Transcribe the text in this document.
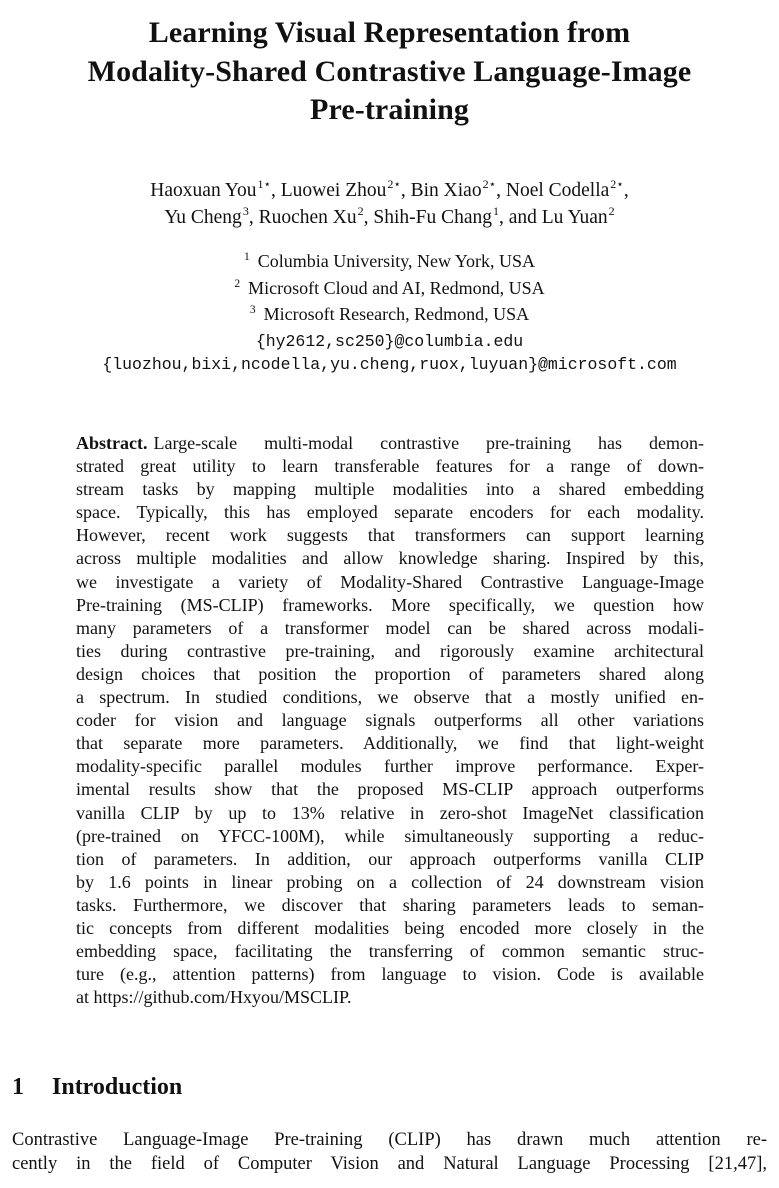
Learning Visual Representation from
Modality-Shared Contrastive Language-Image
Pre-training
Haoxuan You$^{1⋆}$, Luowei Zhou$^{2⋆}$, Bin Xiao$^{2⋆}$, Noel Codella$^{2⋆}$,
Yu Cheng$^3$, Ruochen Xu$^2$, Shih-Fu Chang$^1$, and Lu Yuan$^2$
$^1$ Columbia University, New York, USA
$^2$ Microsoft Cloud and AI, Redmond, USA
$^3$ Microsoft Research, Redmond, USA
{hy2612,sc250}@columbia.edu
{luozhou,bixi,ncodella,yu.cheng,ruox,luyuan}@microsoft.com
Abstract. Large-scale multi-modal contrastive pre-training has demon-
strated great utility to learn transferable features for a range of down-
stream tasks by mapping multiple modalities into a shared embedding
space. Typically, this has employed separate encoders for each modality.
However, recent work suggests that transformers can support learning
across multiple modalities and allow knowledge sharing. Inspired by this,
we investigate a variety of Modality-Shared Contrastive Language-Image
Pre-training (MS-CLIP) frameworks. More specifically, we question how
many parameters of a transformer model can be shared across modali-
ties during contrastive pre-training, and rigorously examine architectural
design choices that position the proportion of parameters shared along
a spectrum. In studied conditions, we observe that a mostly unified en-
coder for vision and language signals outperforms all other variations
that separate more parameters. Additionally, we find that light-weight
modality-specific parallel modules further improve performance. Exper-
imental results show that the proposed MS-CLIP approach outperforms
vanilla CLIP by up to 13% relative in zero-shot ImageNet classification
(pre-trained on YFCC-100M), while simultaneously supporting a reduc-
tion of parameters. In addition, our approach outperforms vanilla CLIP
by 1.6 points in linear probing on a collection of 24 downstream vision
tasks. Furthermore, we discover that sharing parameters leads to seman-
tic concepts from different modalities being encoded more closely in the
embedding space, facilitating the transferring of common semantic struc-
ture (e.g., attention patterns) from language to vision. Code is available
at https://github.com/Hxyou/MSCLIP.
1 Introduction
Contrastive Language-Image Pre-training (CLIP) has drawn much attention re-
cently in the field of Computer Vision and Natural Language Processing [21,47],
